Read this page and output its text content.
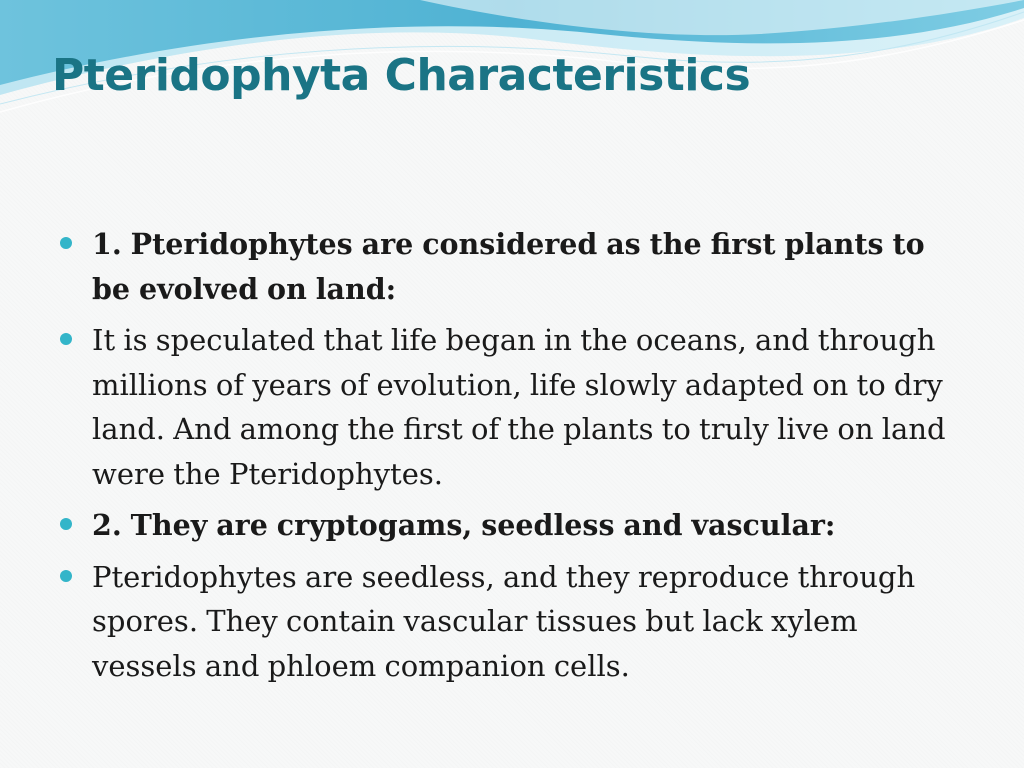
Pteridophyta Characteristics
1. Pteridophytes are considered as the first plants to be evolved on land:
It is speculated that life began in the oceans, and through millions of years of evolution, life slowly adapted on to dry land. And among the first of the plants to truly live on land were the Pteridophytes.
2. They are cryptogams, seedless and vascular:
Pteridophytes are seedless, and they reproduce through spores. They contain vascular tissues but lack xylem vessels and phloem companion cells.
